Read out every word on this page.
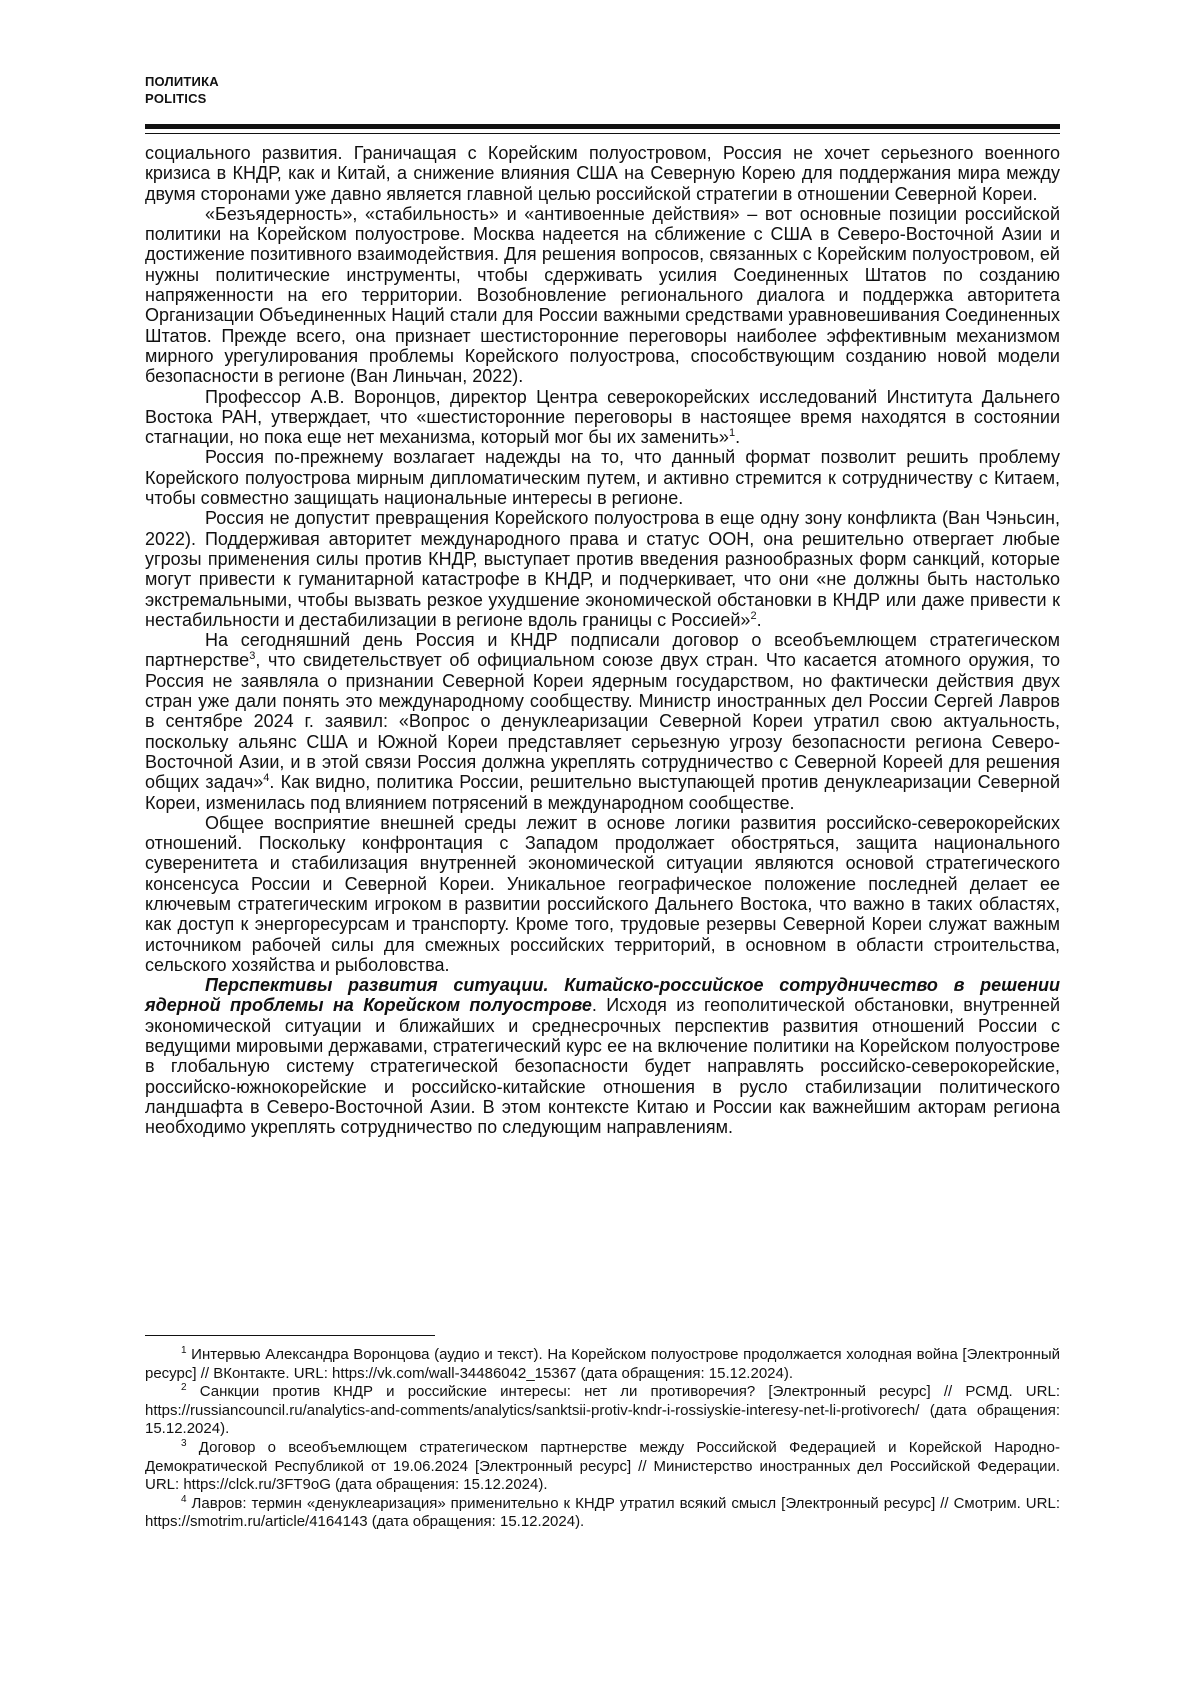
ПОЛИТИКА
POLITICS

социального развития. Граничащая с Корейским полуостровом, Россия не хочет серьезного военного кризиса в КНДР, как и Китай, а снижение влияния США на Северную Корею для поддержания мира между двумя сторонами уже давно является главной целью российской стратегии в отношении Северной Кореи.

«Безъядерность», «стабильность» и «антивоенные действия» – вот основные позиции российской политики на Корейском полуострове. Москва надеется на сближение с США в Северо-Восточной Азии и достижение позитивного взаимодействия. Для решения вопросов, связанных с Корейским полуостровом, ей нужны политические инструменты, чтобы сдерживать усилия Соединенных Штатов по созданию напряженности на его территории. Возобновление регионального диалога и поддержка авторитета Организации Объединенных Наций стали для России важными средствами уравновешивания Соединенных Штатов. Прежде всего, она признает шестисторонние переговоры наиболее эффективным механизмом мирного урегулирования проблемы Корейского полуострова, способствующим созданию новой модели безопасности в регионе (Ван Линьчан, 2022).

Профессор А.В. Воронцов, директор Центра северокорейских исследований Института Дальнего Востока РАН, утверждает, что «шестисторонние переговоры в настоящее время находятся в состоянии стагнации, но пока еще нет механизма, который мог бы их заменить»$^1$.

Россия по-прежнему возлагает надежды на то, что данный формат позволит решить проблему Корейского полуострова мирным дипломатическим путем, и активно стремится к сотрудничеству с Китаем, чтобы совместно защищать национальные интересы в регионе.

Россия не допустит превращения Корейского полуострова в еще одну зону конфликта (Ван Чэньсин, 2022). Поддерживая авторитет международного права и статус ООН, она решительно отвергает любые угрозы применения силы против КНДР, выступает против введения разнообразных форм санкций, которые могут привести к гуманитарной катастрофе в КНДР, и подчеркивает, что они «не должны быть настолько экстремальными, чтобы вызвать резкое ухудшение экономической обстановки в КНДР или даже привести к нестабильности и дестабилизации в регионе вдоль границы с Россией»$^2$.

На сегодняшний день Россия и КНДР подписали договор о всеобъемлющем стратегическом партнерстве$^3$, что свидетельствует об официальном союзе двух стран. Что касается атомного оружия, то Россия не заявляла о признании Северной Кореи ядерным государством, но фактически действия двух стран уже дали понять это международному сообществу. Министр иностранных дел России Сергей Лавров в сентябре 2024 г. заявил: «Вопрос о денуклеаризации Северной Кореи утратил свою актуальность, поскольку альянс США и Южной Кореи представляет серьезную угрозу безопасности региона Северо-Восточной Азии, и в этой связи Россия должна укреплять сотрудничество с Северной Кореей для решения общих задач»$^4$. Как видно, политика России, решительно выступающей против денуклеаризации Северной Кореи, изменилась под влиянием потрясений в международном сообществе.

Общее восприятие внешней среды лежит в основе логики развития российско-северокорейских отношений. Поскольку конфронтация с Западом продолжает обостряться, защита национального суверенитета и стабилизация внутренней экономической ситуации являются основой стратегического консенсуса России и Северной Кореи. Уникальное географическое положение последней делает ее ключевым стратегическим игроком в развитии российского Дальнего Востока, что важно в таких областях, как доступ к энергоресурсам и транспорту. Кроме того, трудовые резервы Северной Кореи служат важным источником рабочей силы для смежных российских территорий, в основном в области строительства, сельского хозяйства и рыболовства.

Перспективы развития ситуации. Китайско-российское сотрудничество в решении ядерной проблемы на Корейском полуострове. Исходя из геополитической обстановки, внутренней экономической ситуации и ближайших и среднесрочных перспектив развития отношений России с ведущими мировыми державами, стратегический курс ее на включение политики на Корейском полуострове в глобальную систему стратегической безопасности будет направлять российско-северокорейские, российско-южнокорейские и российско-китайские отношения в русло стабилизации политического ландшафта в Северо-Восточной Азии. В этом контексте Китаю и России как важнейшим акторам региона необходимо укреплять сотрудничество по следующим направлениям.

$^1$ Интервью Александра Воронцова (аудио и текст). На Корейском полуострове продолжается холодная война [Электронный ресурс] // ВКонтакте. URL: https://vk.com/wall-34486042_15367 (дата обращения: 15.12.2024).

$^2$ Санкции против КНДР и российские интересы: нет ли противоречия? [Электронный ресурс] // РСМД. URL: https://russiancouncil.ru/analytics-and-comments/analytics/sanktsii-protiv-kndr-i-rossiyskie-interesy-net-li-protivorech/ (дата обращения: 15.12.2024).

$^3$ Договор о всеобъемлющем стратегическом партнерстве между Российской Федерацией и Корейской Народно-Демократической Республикой от 19.06.2024 [Электронный ресурс] // Министерство иностранных дел Российской Федерации. URL: https://clck.ru/3FT9oG (дата обращения: 15.12.2024).

$^4$ Лавров: термин «денуклеаризация» применительно к КНДР утратил всякий смысл [Электронный ресурс] // Смотрим. URL: https://smotrim.ru/article/4164143 (дата обращения: 15.12.2024).
